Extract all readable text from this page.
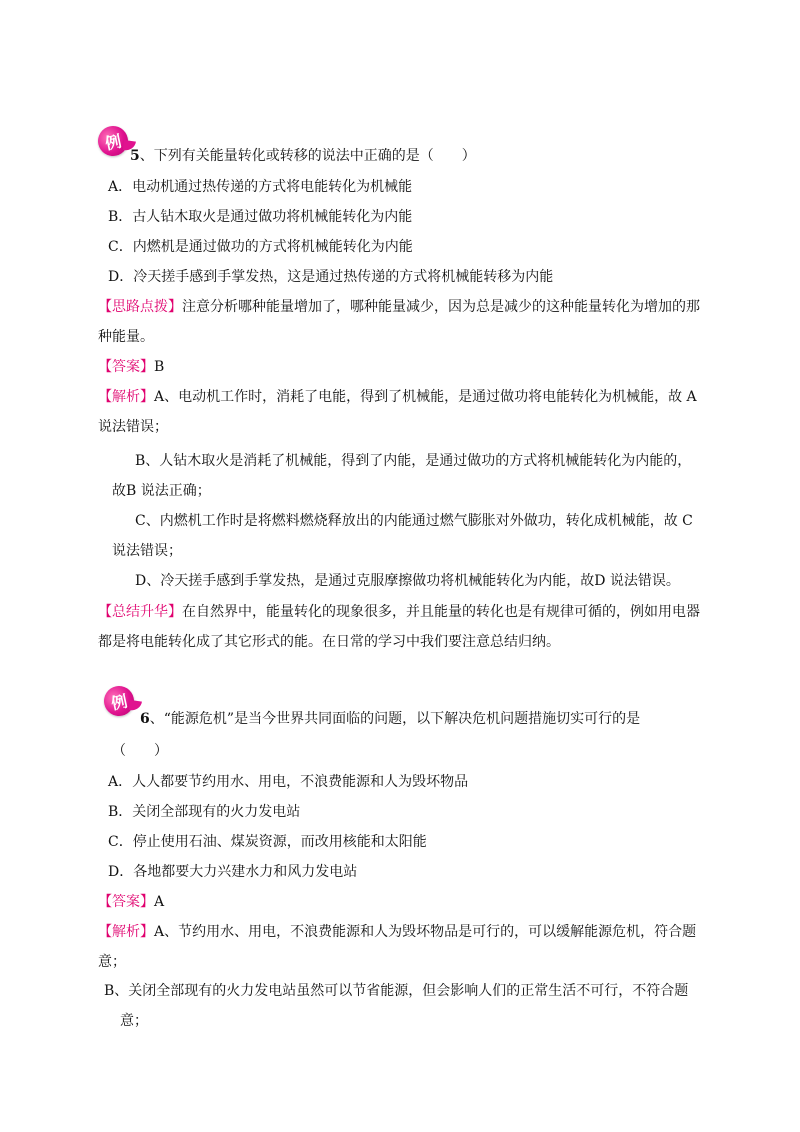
例
5、下列有关能量转化或转移的说法中正确的是（　　）
A．电动机通过热传递的方式将电能转化为机械能
B．古人钻木取火是通过做功将机械能转化为内能
C．内燃机是通过做功的方式将机械能转化为内能
D．冷天搓手感到手掌发热，这是通过热传递的方式将机械能转移为内能
【思路点拨】注意分析哪种能量增加了，哪种能量减少，因为总是减少的这种能量转化为增加的那
种能量。
【答案】B
【解析】A、电动机工作时，消耗了电能，得到了机械能，是通过做功将电能转化为机械能，故 A
说法错误；
B、人钻木取火是消耗了机械能，得到了内能，是通过做功的方式将机械能转化为内能的，
故B 说法正确；
C、内燃机工作时是将燃料燃烧释放出的内能通过燃气膨胀对外做功，转化成机械能，故 C
说法错误；
D、冷天搓手感到手掌发热，是通过克服摩擦做功将机械能转化为内能，故D 说法错误。
【总结升华】在自然界中，能量转化的现象很多，并且能量的转化也是有规律可循的，例如用电器
都是将电能转化成了其它形式的能。在日常的学习中我们要注意总结归纳。
例
6、“能源危机”是当今世界共同面临的问题，以下解决危机问题措施切实可行的是
（　　）
A．人人都要节约用水、用电，不浪费能源和人为毁坏物品
B．关闭全部现有的火力发电站
C．停止使用石油、煤炭资源，而改用核能和太阳能
D．各地都要大力兴建水力和风力发电站
【答案】A
【解析】A、节约用水、用电，不浪费能源和人为毁坏物品是可行的，可以缓解能源危机，符合题
意；
B、关闭全部现有的火力发电站虽然可以节省能源，但会影响人们的正常生活不可行，不符合题
意；
